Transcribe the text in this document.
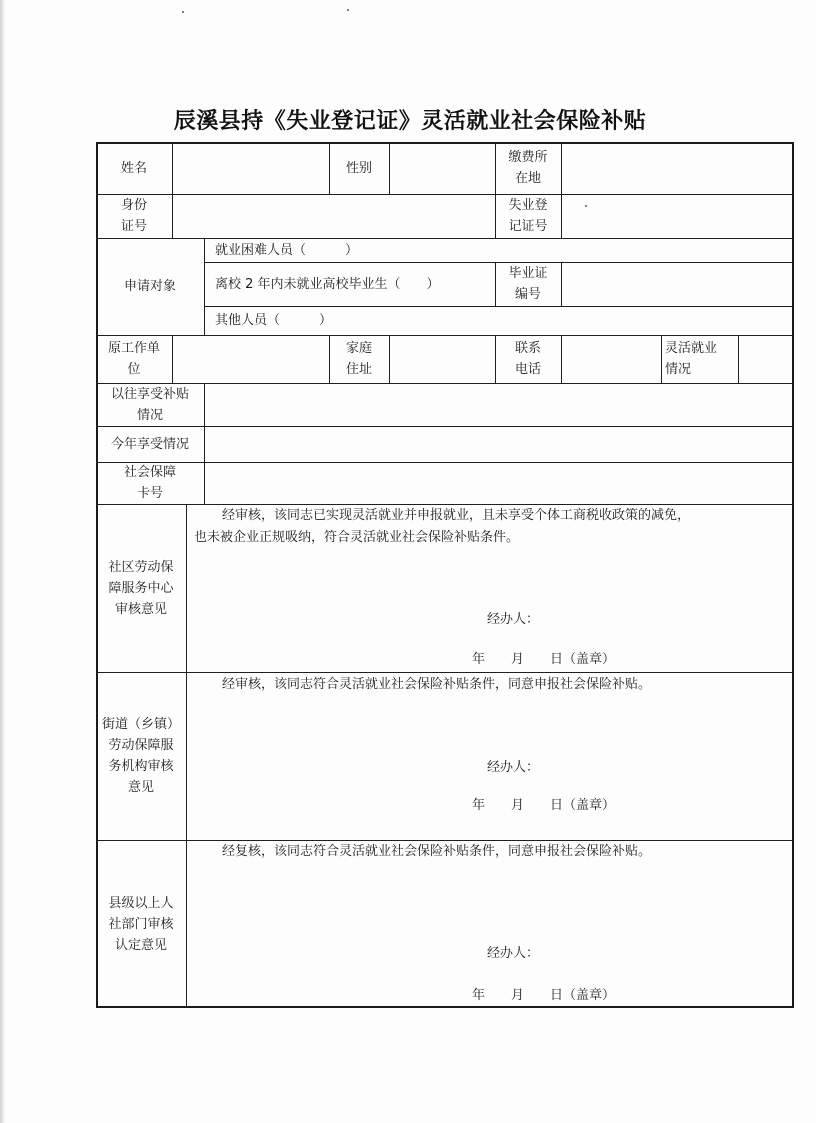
辰溪县持《失业登记证》灵活就业社会保险补贴
姓名	性别
缴费所
在地
身份
证号
失业登
记证号
申请对象
就业困难人员（　　　）
离校 2 年内未就业高校毕业生（　　）
毕业证
编号
其他人员（　　　）
原工作单
位
家庭
住址
联系
电话
灵活就业
情况
以往享受补贴
情况
今年享受情况
社会保障
卡号
社区劳动保
障服务中心
审核意见
经审核，该同志已实现灵活就业并申报就业，且未享受个体工商税收政策的减免，
也未被企业正规吸纳，符合灵活就业社会保险补贴条件。
经办人：
年　　月　　日（盖章）
街道（乡镇）
劳动保障服
务机构审核
意见
经审核，该同志符合灵活就业社会保险补贴条件，同意申报社会保险补贴。
经办人：
年　　月　　日（盖章）
县级以上人
社部门审核
认定意见
经复核，该同志符合灵活就业社会保险补贴条件，同意申报社会保险补贴。
经办人：
年　　月　　日（盖章）
